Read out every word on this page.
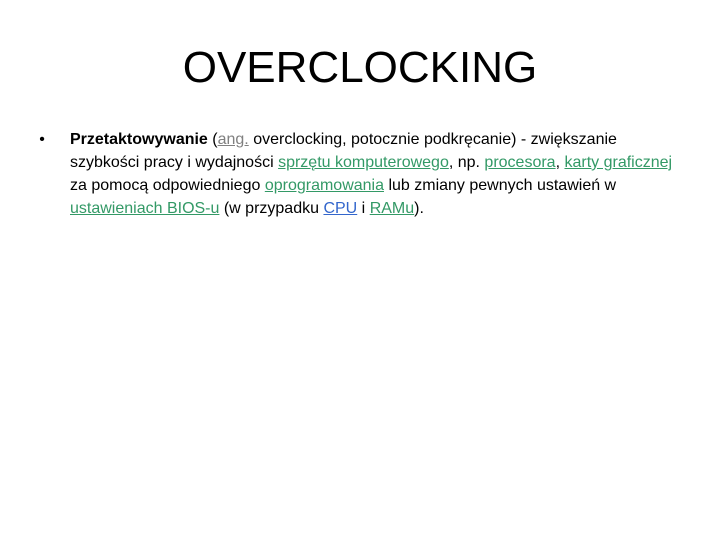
OVERCLOCKING
• Przetaktowywanie (ang. overclocking, potocznie podkręcanie) - zwiększanie szybkości pracy i wydajności sprzętu komputerowego, np. procesora, karty graficznej za pomocą odpowiedniego oprogramowania lub zmiany pewnych ustawień w ustawieniach BIOS-u (w przypadku CPU i RAMu).
